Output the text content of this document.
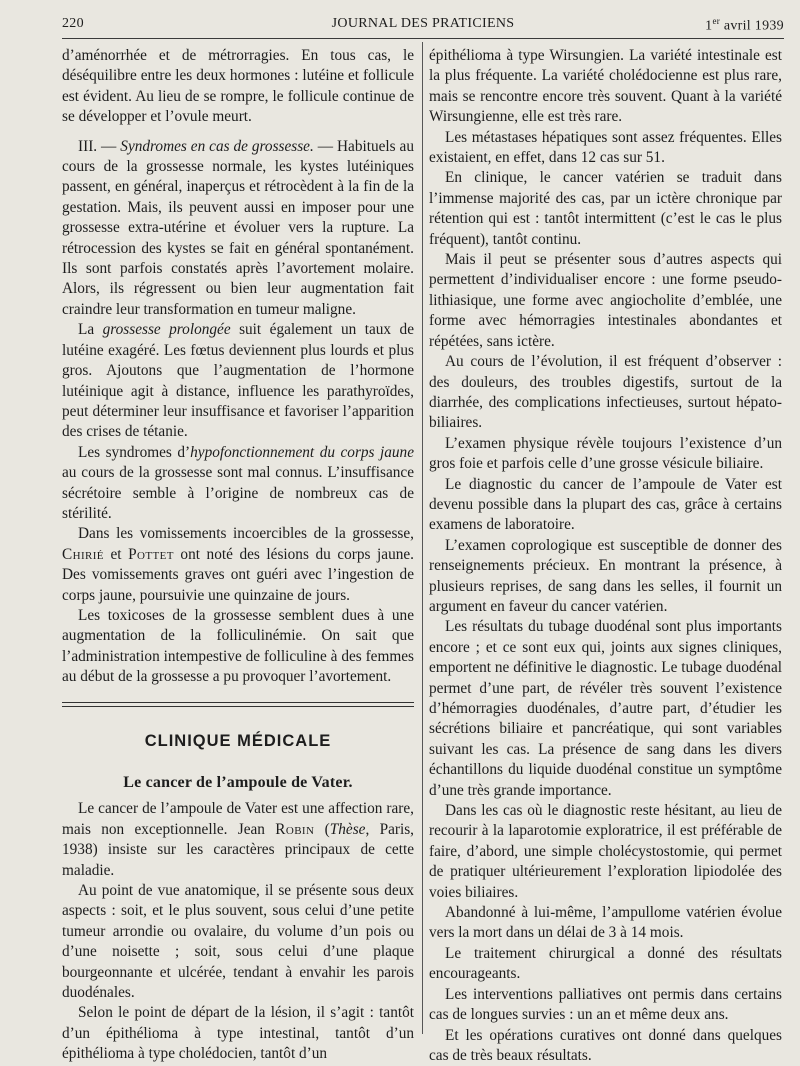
220	JOURNAL DES PRATICIENS	1er avril 1939

d’aménorrhée et de métrorragies. En tous cas, le déséquilibre entre les deux hormones : lutéine et follicule est évident. Au lieu de se rompre, le follicule continue de se développer et l’ovule meurt.

III. — Syndromes en cas de grossesse. — Habituels au cours de la grossesse normale, les kystes lutéiniques passent, en général, inaperçus et rétrocèdent à la fin de la gestation. Mais, ils peuvent aussi en imposer pour une grossesse extra-utérine et évoluer vers la rupture. La rétrocession des kystes se fait en général spontanément. Ils sont parfois constatés après l’avortement molaire. Alors, ils régressent ou bien leur augmentation fait craindre leur transformation en tumeur maligne.

La grossesse prolongée suit également un taux de lutéine exagéré. Les fœtus deviennent plus lourds et plus gros. Ajoutons que l’augmentation de l’hormone lutéinique agit à distance, influence les parathyroïdes, peut déterminer leur insuffisance et favoriser l’apparition des crises de tétanie.

Les syndromes d’hypofonctionnement du corps jaune au cours de la grossesse sont mal connus. L’insuffisance sécrétoire semble à l’origine de nombreux cas de stérilité.

Dans les vomissements incoercibles de la grossesse, Chirié et Pottet ont noté des lésions du corps jaune. Des vomissements graves ont guéri avec l’ingestion de corps jaune, poursuivie une quinzaine de jours.

Les toxicoses de la grossesse semblent dues à une augmentation de la folliculinémie. On sait que l’administration intempestive de folliculine à des femmes au début de la grossesse a pu provoquer l’avortement.

CLINIQUE MÉDICALE
Le cancer de l’ampoule de Vater.

Le cancer de l’ampoule de Vater est une affection rare, mais non exceptionnelle. Jean Robin (Thèse, Paris, 1938) insiste sur les caractères principaux de cette maladie.

Au point de vue anatomique, il se présente sous deux aspects : soit, et le plus souvent, sous celui d’une petite tumeur arrondie ou ovalaire, du volume d’un pois ou d’une noisette ; soit, sous celui d’une plaque bourgeonnante et ulcérée, tendant à envahir les parois duodénales.

Selon le point de départ de la lésion, il s’agit : tantôt d’un épithélioma à type intestinal, tantôt d’un épithélioma à type cholédocien, tantôt d’un

épithélioma à type Wirsungien. La variété intestinale est la plus fréquente. La variété cholédocienne est plus rare, mais se rencontre encore très souvent. Quant à la variété Wirsungienne, elle est très rare.

Les métastases hépatiques sont assez fréquentes. Elles existaient, en effet, dans 12 cas sur 51.

En clinique, le cancer vatérien se traduit dans l’immense majorité des cas, par un ictère chronique par rétention qui est : tantôt intermittent (c’est le cas le plus fréquent), tantôt continu.

Mais il peut se présenter sous d’autres aspects qui permettent d’individualiser encore : une forme pseudo-lithiasique, une forme avec angiocholite d’emblée, une forme avec hémorragies intestinales abondantes et répétées, sans ictère.

Au cours de l’évolution, il est fréquent d’observer : des douleurs, des troubles digestifs, surtout de la diarrhée, des complications infectieuses, surtout hépato-biliaires.

L’examen physique révèle toujours l’existence d’un gros foie et parfois celle d’une grosse vésicule biliaire.

Le diagnostic du cancer de l’ampoule de Vater est devenu possible dans la plupart des cas, grâce à certains examens de laboratoire.

L’examen coprologique est susceptible de donner des renseignements précieux. En montrant la présence, à plusieurs reprises, de sang dans les selles, il fournit un argument en faveur du cancer vatérien.

Les résultats du tubage duodénal sont plus importants encore ; et ce sont eux qui, joints aux signes cliniques, emportent ne définitive le diagnostic. Le tubage duodénal permet d’une part, de révéler très souvent l’existence d’hémorragies duodénales, d’autre part, d’étudier les sécrétions biliaire et pancréatique, qui sont variables suivant les cas. La présence de sang dans les divers échantillons du liquide duodénal constitue un symptôme d’une très grande importance.

Dans les cas où le diagnostic reste hésitant, au lieu de recourir à la laparotomie exploratrice, il est préférable de faire, d’abord, une simple cholécystostomie, qui permet de pratiquer ultérieurement l’exploration lipiodolée des voies biliaires.

Abandonné à lui-même, l’ampullome vatérien évolue vers la mort dans un délai de 3 à 14 mois.

Le traitement chirurgical a donné des résultats encourageants.

Les interventions palliatives ont permis dans certains cas de longues survies : un an et même deux ans.

Et les opérations curatives ont donné dans quelques cas de très beaux résultats.
